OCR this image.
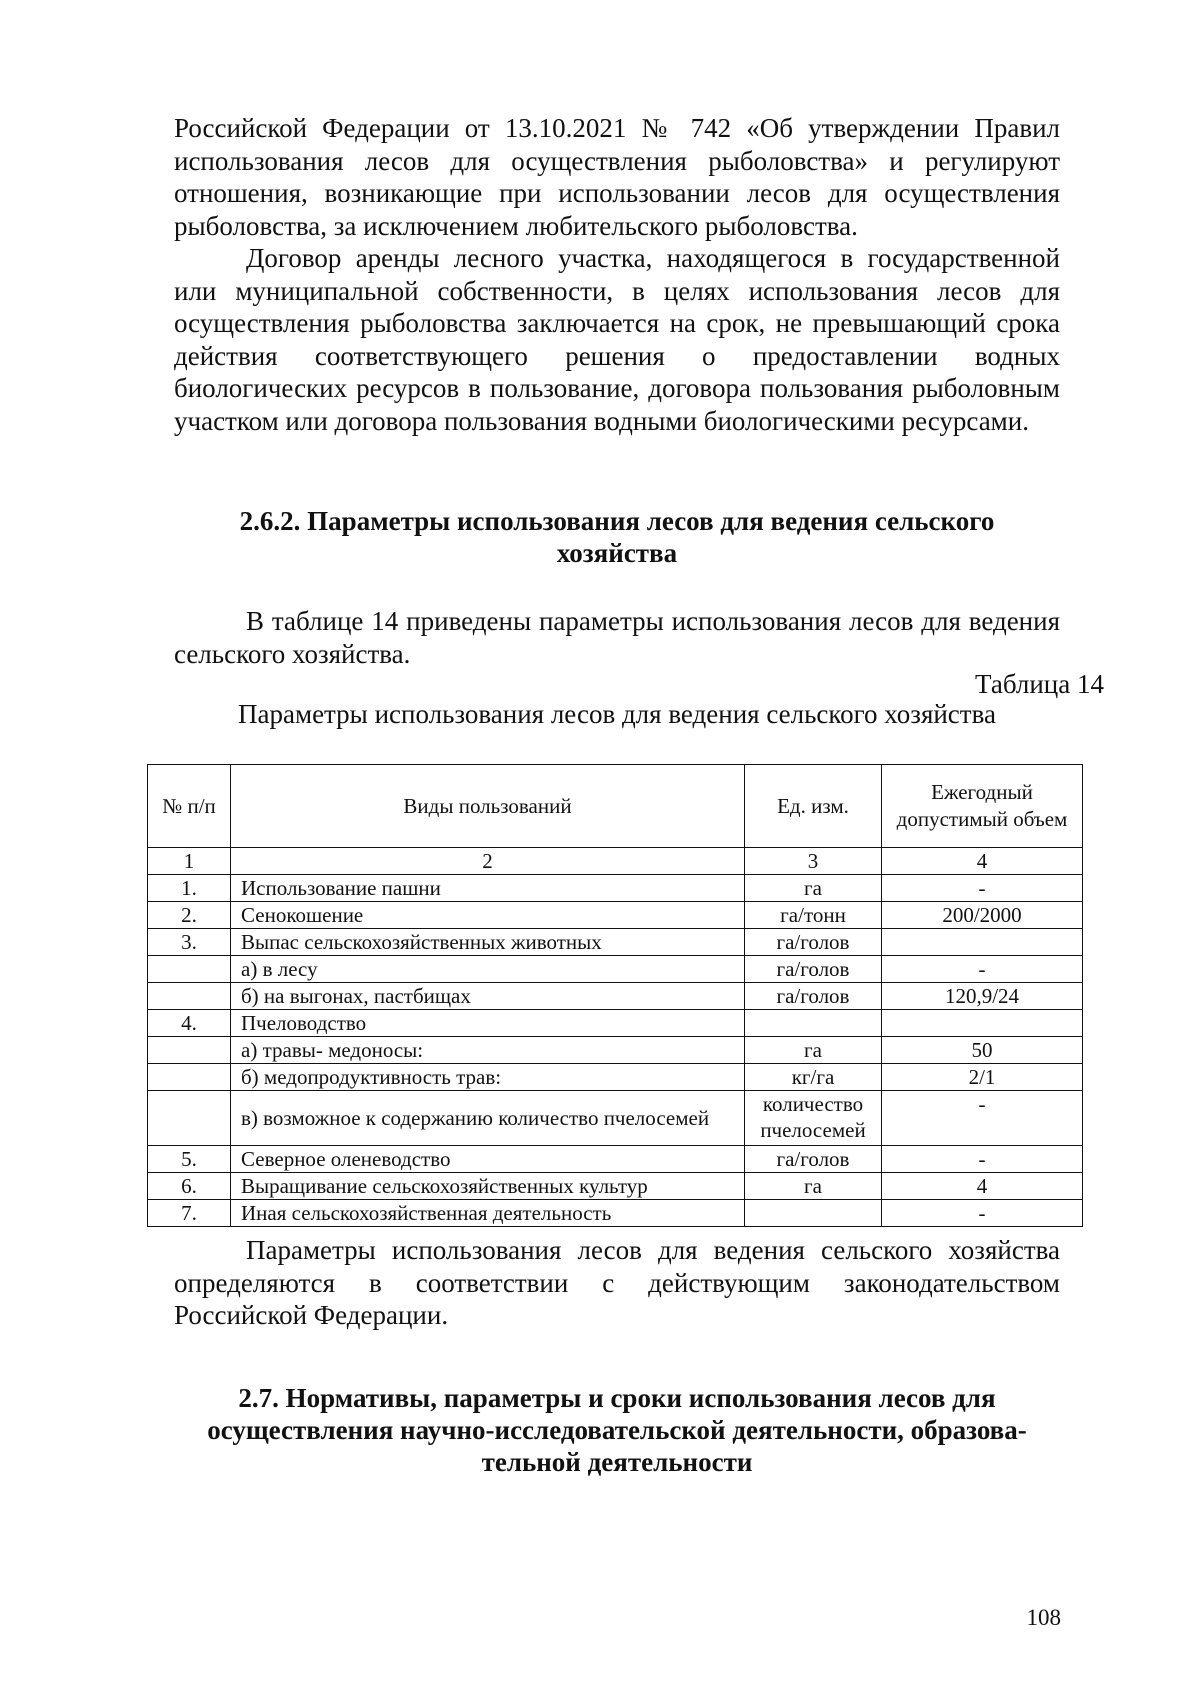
Российской Федерации от 13.10.2021 № 742 «Об утверждении Правил использования лесов для осуществления рыболовства» и регулируют отношения, возникающие при использовании лесов для осуществления рыболовства, за исключением любительского рыболовства.
Договор аренды лесного участка, находящегося в государственной или муниципальной собственности, в целях использования лесов для осуществления рыболовства заключается на срок, не превышающий срока действия соответствующего решения о предоставлении водных биологических ресурсов в пользование, договора пользования рыболовным участком или договора пользования водными биологическими ресурсами.
2.6.2. Параметры использования лесов для ведения сельского
хозяйства
В таблице 14 приведены параметры использования лесов для ведения сельского хозяйства.
Таблица 14
Параметры использования лесов для ведения сельского хозяйства
№ п/п	Виды пользований	Ед. изм.	Ежегодный допустимый объем
1	2	3	4
1.	Использование пашни	га	-
2.	Сенокошение	га/тонн	200/2000
3.	Выпас сельскохозяйственных животных	га/голов	
	а) в лесу	га/голов	-
	б) на выгонах, пастбищах	га/голов	120,9/24
4.	Пчеловодство		
	а) травы- медоносы:	га	50
	б) медопродуктивность трав:	кг/га	2/1
	в) возможное к содержанию количество пчелосемей	количество пчелосемей	-
5.	Северное оленеводство	га/голов	-
6.	Выращивание сельскохозяйственных культур	га	4
7.	Иная сельскохозяйственная деятельность		-
Параметры использования лесов для ведения сельского хозяйства определяются в соответствии с действующим законодательством Российской Федерации.
2.7. Нормативы, параметры и сроки использования лесов для
осуществления научно-исследовательской деятельности, образова-
тельной деятельности
108
